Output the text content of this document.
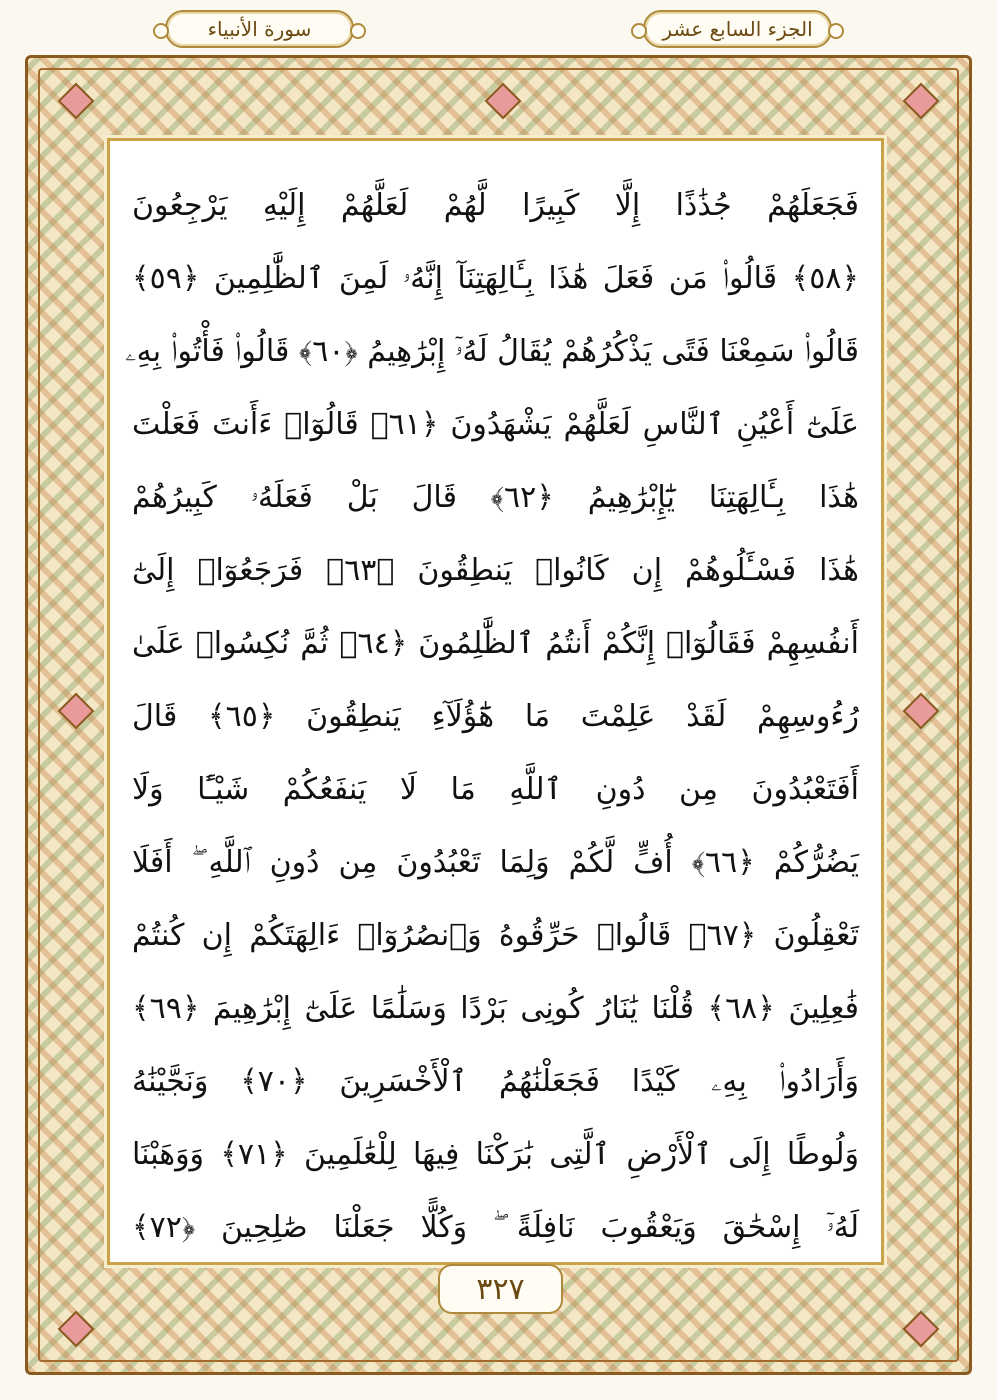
سورة الأنبياء	الجزء السابع عشر
فَجَعَلَهُمْ جُذَٰذًا إِلَّا كَبِيرًا لَّهُمْ لَعَلَّهُمْ إِلَيْهِ يَرْجِعُونَ
﴿٥٨﴾ قَالُوا۟ مَن فَعَلَ هَٰذَا بِـَٔالِهَتِنَآ إِنَّهُۥ لَمِنَ ٱلظَّٰلِمِينَ ﴿٥٩﴾
قَالُوا۟ سَمِعْنَا فَتًى يَذْكُرُهُمْ يُقَالُ لَهُۥٓ إِبْرَٰهِيمُ ﴿٦٠﴾ قَالُوا۟ فَأْتُوا۟ بِهِۦ
عَلَىٰٓ أَعْيُنِ ٱلنَّاسِ لَعَلَّهُمْ يَشْهَدُونَ ﴿٦١﴾ قَالُوٓا۟ ءَأَنتَ فَعَلْتَ
هَٰذَا بِـَٔالِهَتِنَا يَٰٓإِبْرَٰهِيمُ ﴿٦٢﴾ قَالَ بَلْ فَعَلَهُۥ كَبِيرُهُمْ
هَٰذَا فَسْـَٔلُوهُمْ إِن كَانُوا۟ يَنطِقُونَ ﴿٦٣﴾ فَرَجَعُوٓا۟ إِلَىٰٓ
أَنفُسِهِمْ فَقَالُوٓا۟ إِنَّكُمْ أَنتُمُ ٱلظَّٰلِمُونَ ﴿٦٤﴾ ثُمَّ نُكِسُوا۟ عَلَىٰ
رُءُوسِهِمْ لَقَدْ عَلِمْتَ مَا هَٰٓؤُلَآءِ يَنطِقُونَ ﴿٦٥﴾ قَالَ
أَفَتَعْبُدُونَ مِن دُونِ ٱللَّهِ مَا لَا يَنفَعُكُمْ شَيْـًٔا وَلَا
يَضُرُّكُمْ ﴿٦٦﴾ أُفٍّ لَّكُمْ وَلِمَا تَعْبُدُونَ مِن دُونِ ٱللَّهِ ۖ أَفَلَا
تَعْقِلُونَ ﴿٦٧﴾ قَالُوا۟ حَرِّقُوهُ وَٱنصُرُوٓا۟ ءَالِهَتَكُمْ إِن كُنتُمْ
فَٰعِلِينَ ﴿٦٨﴾ قُلْنَا يَٰنَارُ كُونِى بَرْدًا وَسَلَٰمًا عَلَىٰٓ إِبْرَٰهِيمَ ﴿٦٩﴾
وَأَرَادُوا۟ بِهِۦ كَيْدًا فَجَعَلْنَٰهُمُ ٱلْأَخْسَرِينَ ﴿٧٠﴾ وَنَجَّيْنَٰهُ
وَلُوطًا إِلَى ٱلْأَرْضِ ٱلَّتِى بَٰرَكْنَا فِيهَا لِلْعَٰلَمِينَ ﴿٧١﴾ وَوَهَبْنَا
لَهُۥٓ إِسْحَٰقَ وَيَعْقُوبَ نَافِلَةً ۖ وَكُلًّا جَعَلْنَا صَٰلِحِينَ ﴿٧٢﴾
٣٢٧
